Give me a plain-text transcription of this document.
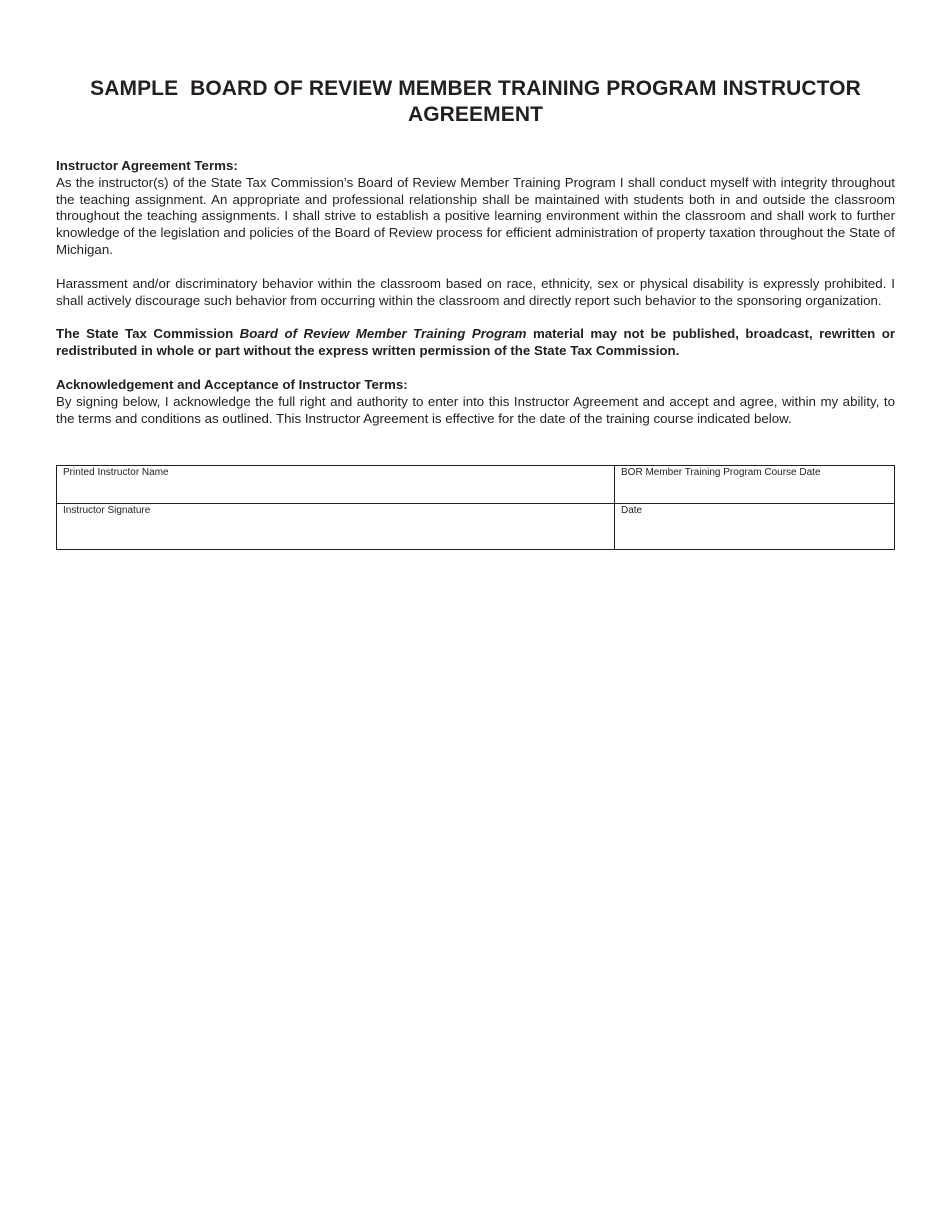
SAMPLE  BOARD OF REVIEW MEMBER TRAINING PROGRAM INSTRUCTOR AGREEMENT

Instructor Agreement Terms:

As the instructor(s) of the State Tax Commission’s Board of Review Member Training Program I shall conduct myself with integrity throughout the teaching assignment. An appropriate and professional relationship shall be maintained with students both in and outside the classroom throughout the teaching assignments. I shall strive to establish a positive learning environment within the classroom and shall work to further knowledge of the legislation and policies of the Board of Review process for efficient administration of property taxation throughout the State of Michigan.

Harassment and/or discriminatory behavior within the classroom based on race, ethnicity, sex or physical disability is expressly prohibited. I shall actively discourage such behavior from occurring within the classroom and directly report such behavior to the sponsoring organization.

The State Tax Commission Board of Review Member Training Program material may not be published, broadcast, rewritten or redistributed in whole or part without the express written permission of the State Tax Commission.

Acknowledgement and Acceptance of Instructor Terms:

By signing below, I acknowledge the full right and authority to enter into this Instructor Agreement and accept and agree, within my ability, to the terms and conditions as outlined. This Instructor Agreement is effective for the date of the training course indicated below.

Printed Instructor Name	BOR Member Training Program Course Date

Instructor Signature	Date
